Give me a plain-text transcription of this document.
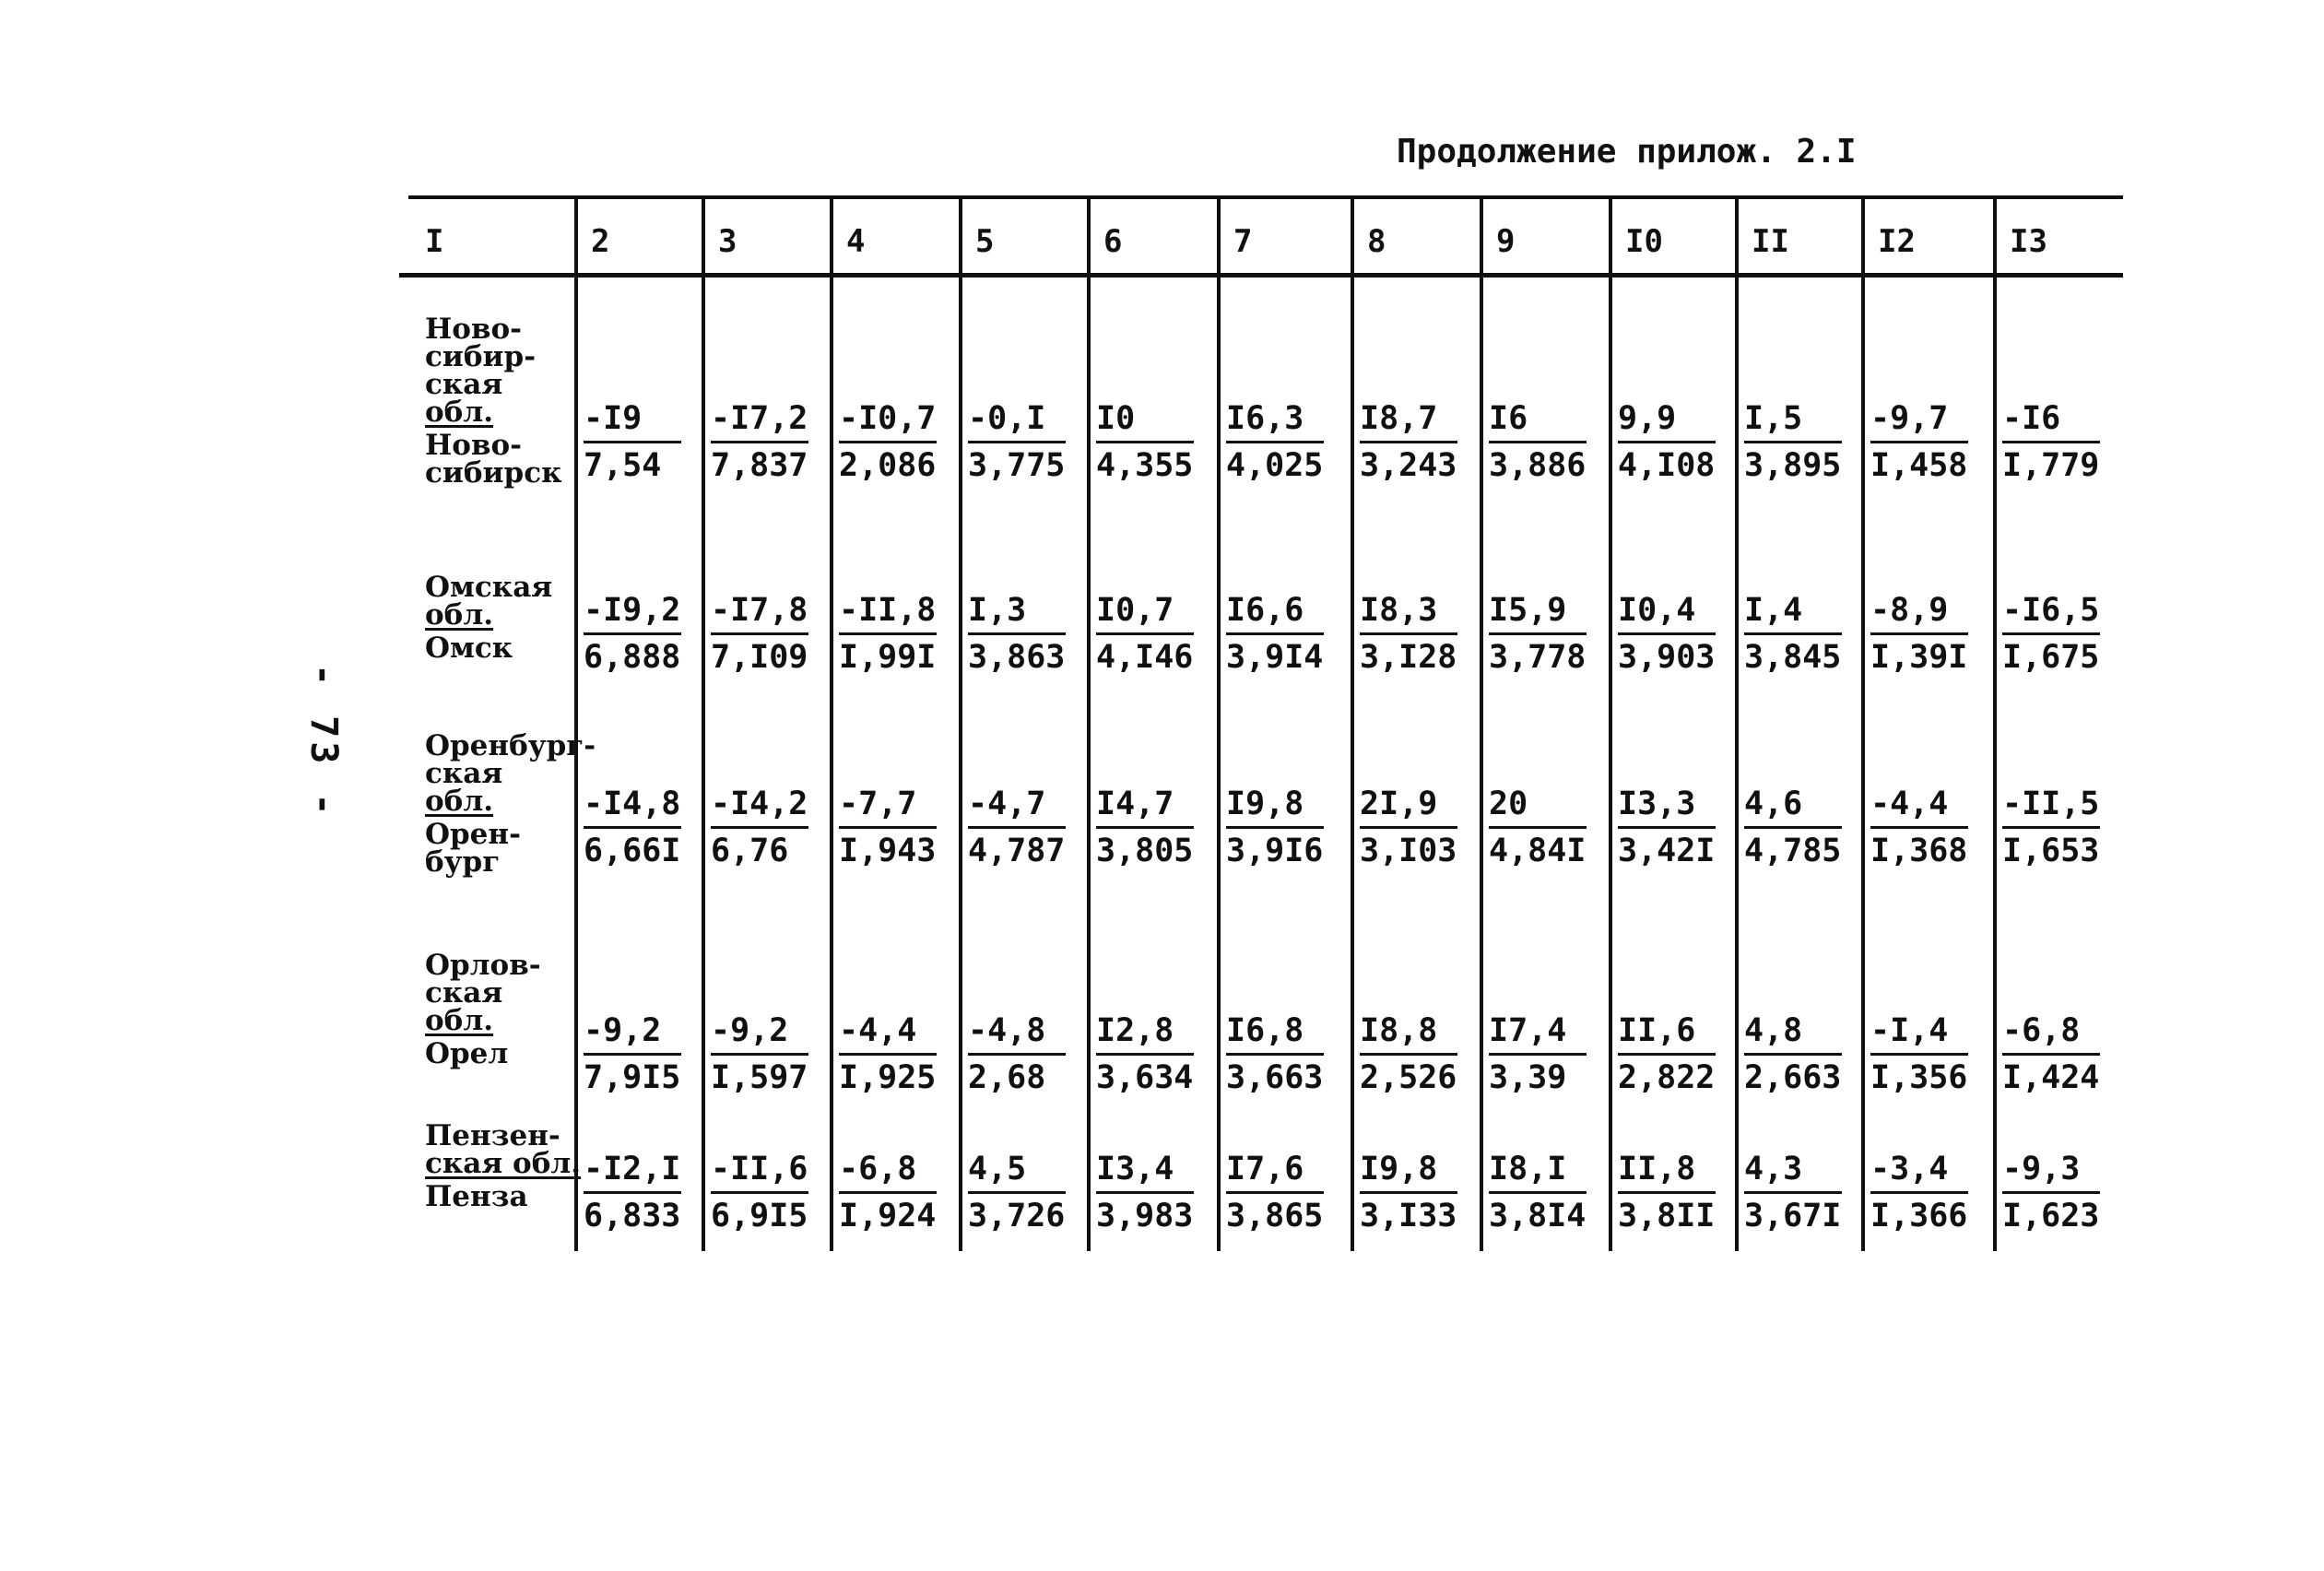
- 73 -
Продолжение прилож. 2.I
I	2	3	4	5	6	7	8	9	I0	II	I2	I3
Ново-
сибир-
ская
обл.
Ново-
сибирск $\frac{-I9}{7,54} \frac{-I7,2}{7,837} \frac{-I0,7}{2,086} \frac{-0,I}{3,775} \frac{I0}{4,355} \frac{I6,3}{4,025} \frac{I8,7}{3,243} \frac{I6}{3,886} \frac{9,9}{4,I08} \frac{I,5}{3,895} \frac{-9,7}{I,458} \frac{-I6}{I,779}$
Омская
обл.
Омск	$\frac{-I9,2}{6,888} \frac{-I7,8}{7,I09} \frac{-II,8}{I,99I} \frac{I,3}{3,863} \frac{I0,7}{4,I46} \frac{I6,6}{3,9I4} \frac{I8,3}{3,I28} \frac{I5,9}{3,778} \frac{I0,4}{3,903} \frac{I,4}{3,845} \frac{-8,9}{I,39I} \frac{-I6,5}{I,675}$
Оренбург-
ская
обл.
Орен-
бург	$\frac{-I4,8}{6,66I} \frac{-I4,2}{6,76} \frac{-7,7}{I,943} \frac{-4,7}{4,787} \frac{I4,7}{3,805} \frac{I9,8}{3,9I6} \frac{2I,9}{3,I03} \frac{20}{4,84I} \frac{I3,3}{3,42I} \frac{4,6}{4,785} \frac{-4,4}{I,368} \frac{-II,5}{I,653}$
Орлов-
ская
обл.
Орел	$\frac{-9,2}{7,9I5} \frac{-9,2}{I,597} \frac{-4,4}{I,925} \frac{-4,8}{2,68} \frac{I2,8}{3,634} \frac{I6,8}{3,663} \frac{I8,8}{2,526} \frac{I7,4}{3,39} \frac{II,6}{2,822} \frac{4,8}{2,663} \frac{-I,4}{I,356} \frac{-6,8}{I,424}$
Пензен-
ская обл.
Пенза	$\frac{-I2,I}{6,833} \frac{-II,6}{6,9I5} \frac{-6,8}{I,924} \frac{4,5}{3,726} \frac{I3,4}{3,983} \frac{I7,6}{3,865} \frac{I9,8}{3,I33} \frac{I8,I}{3,8I4} \frac{II,8}{3,8II} \frac{4,3}{3,67I} \frac{-3,4}{I,366} \frac{-9,3}{I,623}$
